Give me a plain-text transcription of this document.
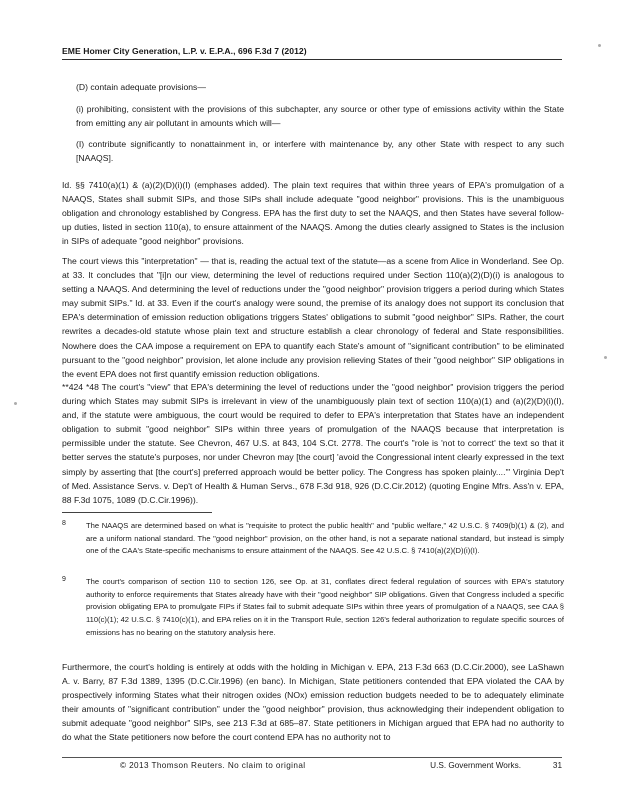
EME Homer City Generation, L.P. v. E.P.A., 696 F.3d 7 (2012)

(D) contain adequate provisions—

(i) prohibiting, consistent with the provisions of this subchapter, any source or other type of emissions activity within the State from emitting any air pollutant in amounts which will—

(I) contribute significantly to nonattainment in, or interfere with maintenance by, any other State with respect to any such [NAAQS].

Id. §§ 7410(a)(1) & (a)(2)(D)(i)(I) (emphases added). The plain text requires that within three years of EPA's promulgation of a NAAQS, States shall submit SIPs, and those SIPs shall include adequate "good neighbor" provisions. This is the unambiguous obligation and chronology established by Congress. EPA has the first duty to set the NAAQS, and then States have several follow-up duties, listed in section 110(a), to ensure attainment of the NAAQS. Among the duties clearly assigned to States is the inclusion in SIPs of adequate "good neighbor" provisions.

The court views this "interpretation" — that is, reading the actual text of the statute—as a scene from Alice in Wonderland. See Op. at 33. It concludes that "[i]n our view, determining the level of reductions required under Section 110(a)(2)(D)(i) is analogous to setting a NAAQS. And determining the level of reductions under the "good neighbor" provision triggers a period during which States may submit SIPs." Id. at 33. Even if the court's analogy were sound, the premise of its analogy does not support its conclusion that EPA's determination of emission reduction obligations triggers States' obligations to submit "good neighbor" SIPs. Rather, the court rewrites a decades-old statute whose plain text and structure establish a clear chronology of federal and State responsibilities. Nowhere does the CAA impose a requirement on EPA to quantify each State's amount of "significant contribution" to be eliminated pursuant to the "good neighbor" provision, let alone include any provision relieving States of their "good neighbor" SIP obligations in the event EPA does not first quantify emission reduction obligations.

**424 *48 The court's "view" that EPA's determining the level of reductions under the "good neighbor" provision triggers the period during which States may submit SIPs is irrelevant in view of the unambiguously plain text of section 110(a)(1) and (a)(2)(D)(i)(I), and, if the statute were ambiguous, the court would be required to defer to EPA's interpretation that States have an independent obligation to submit "good neighbor" SIPs within three years of promulgation of the NAAQS because that interpretation is permissible under the statute. See Chevron, 467 U.S. at 843, 104 S.Ct. 2778. The court's "role is 'not to correct' the text so that it better serves the statute's purposes, nor under Chevron may [the court] 'avoid the Congressional intent clearly expressed in the text simply by asserting that [the court's] preferred approach would be better policy. The Congress has spoken plainly....'" Virginia Dep't of Med. Assistance Servs. v. Dep't of Health & Human Servs., 678 F.3d 918, 926 (D.C.Cir.2012) (quoting Engine Mfrs. Ass'n v. EPA, 88 F.3d 1075, 1089 (D.C.Cir.1996)).

8	The NAAQS are determined based on what is "requisite to protect the public health" and "public welfare," 42 U.S.C. § 7409(b)(1) & (2), and are a uniform national standard. The "good neighbor" provision, on the other hand, is not a separate national standard, but instead is simply one of the CAA's State-specific mechanisms to ensure attainment of the NAAQS. See 42 U.S.C. § 7410(a)(2)(D)(i)(I).

9	The court's comparison of section 110 to section 126, see Op. at 31, conflates direct federal regulation of sources with EPA's statutory authority to enforce requirements that States already have with their "good neighbor" SIP obligations. Given that Congress included a specific provision obligating EPA to promulgate FIPs if States fail to submit adequate SIPs within three years of promulgation of a NAAQS, see CAA § 110(c)(1); 42 U.S.C. § 7410(c)(1), and EPA relies on it in the Transport Rule, section 126's federal authorization to regulate specific sources of emissions has no bearing on the statutory analysis here.

Furthermore, the court's holding is entirely at odds with the holding in Michigan v. EPA, 213 F.3d 663 (D.C.Cir.2000), see LaShawn A. v. Barry, 87 F.3d 1389, 1395 (D.C.Cir.1996) (en banc). In Michigan, State petitioners contended that EPA violated the CAA by prospectively informing States what their nitrogen oxides (NOx) emission reduction budgets needed to be to adequately eliminate their amounts of "significant contribution" under the "good neighbor" provision, thus acknowledging their independent obligation to submit adequate "good neighbor" SIPs, see 213 F.3d at 685–87. State petitioners in Michigan argued that EPA had no authority to do what the State petitioners now before the court contend EPA has no authority not to

© 2013 Thomson Reuters. No claim to original	U.S. Government Works.	31
